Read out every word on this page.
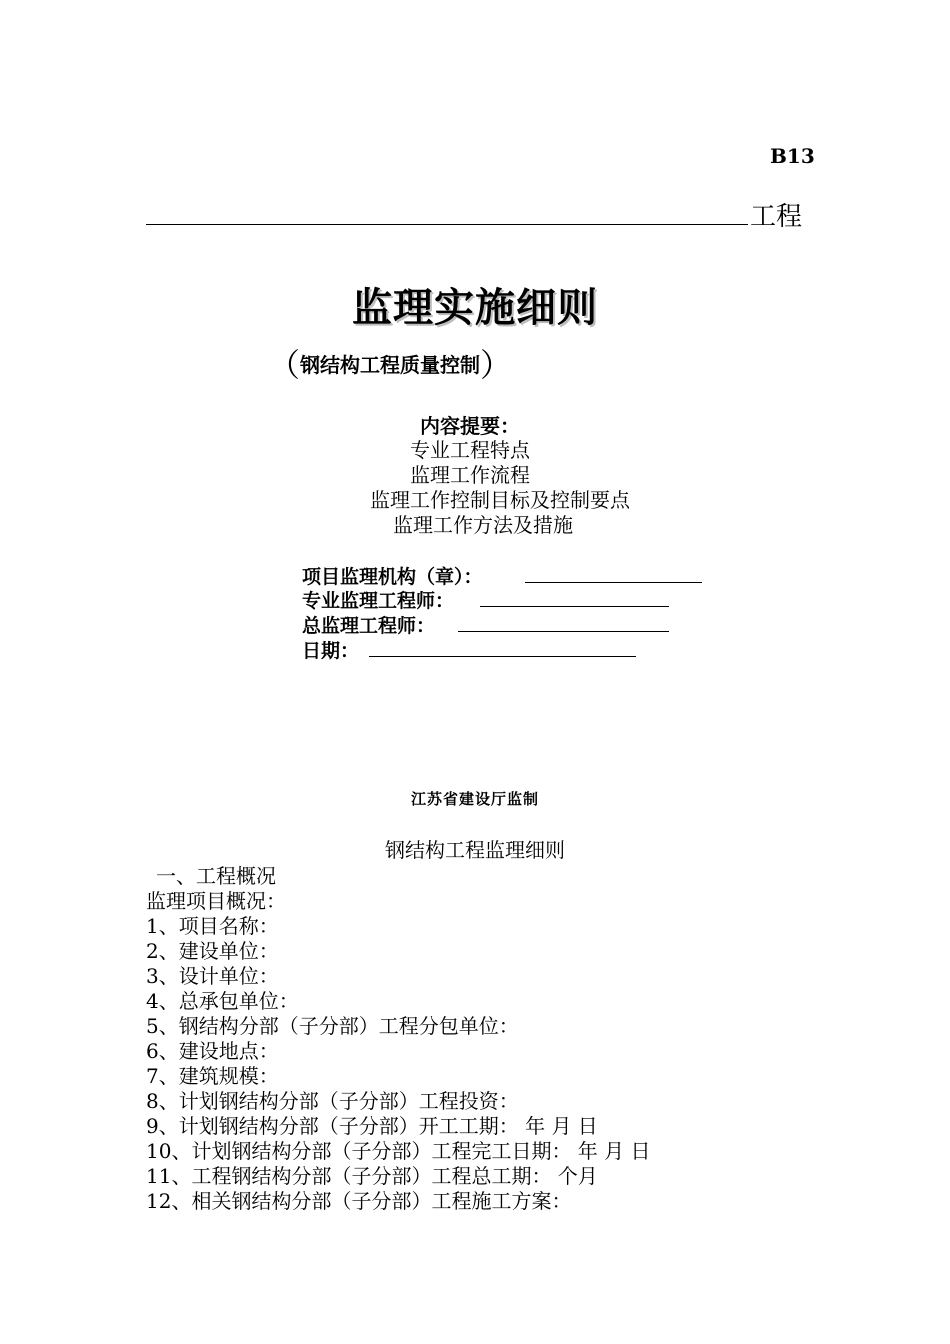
B13
工程
监理实施细则
（钢结构工程质量控制）
内容提要：
专业工程特点
监理工作流程
监理工作控制目标及控制要点
监理工作方法及措施
项目监理机构（章）：
专业监理工程师：
总监理工程师：
日期：
江苏省建设厅监制
钢结构工程监理细则
一、工程概况
监理项目概况：
1、项目名称：
2、建设单位：
3、设计单位：
4、总承包单位：
5、钢结构分部（子分部）工程分包单位：
6、建设地点：
7、建筑规模：
8、计划钢结构分部（子分部）工程投资：
9、计划钢结构分部（子分部）开工工期： 年 月 日
10、计划钢结构分部（子分部）工程完工日期： 年 月 日
11、工程钢结构分部（子分部）工程总工期： 个月
12、相关钢结构分部（子分部）工程施工方案：
